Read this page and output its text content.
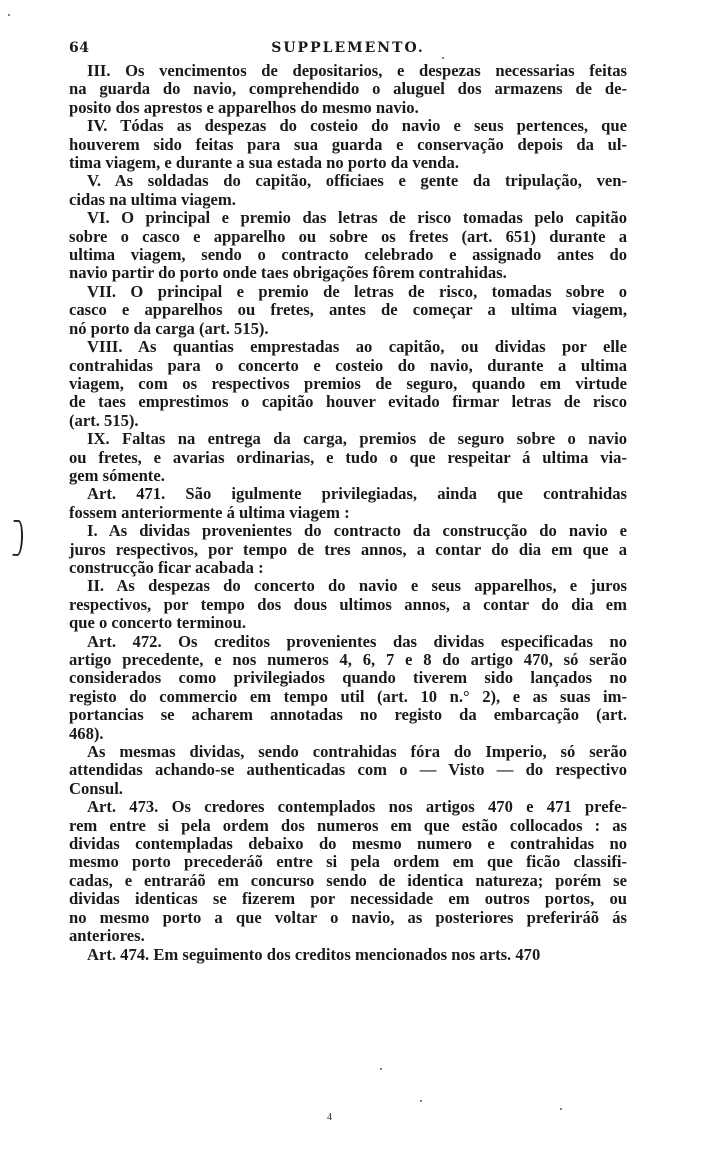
64	SUPPLEMENTO.

III. Os vencimentos de depositarios, e despezas necessarias feitas
na guarda do navio, comprehendido o aluguel dos armazens de de-
posito dos aprestos e apparelhos do mesmo navio.

IV. Tódas as despezas do costeio do navio e seus pertences, que
houverem sido feitas para sua guarda e conservação depois da ul-
tima viagem, e durante a sua estada no porto da venda.

V. As soldadas do capitão, officiaes e gente da tripulação, ven-
cidas na ultima viagem.

VI. O principal e premio das letras de risco tomadas pelo capitão
sobre o casco e apparelho ou sobre os fretes (art. 651) durante a
ultima viagem, sendo o contracto celebrado e assignado antes do
navio partir do porto onde taes obrigações fôrem contrahidas.

VII. O principal e premio de letras de risco, tomadas sobre o
casco e apparelhos ou fretes, antes de começar a ultima viagem,
nó porto da carga (art. 515).

VIII. As quantias emprestadas ao capitão, ou dividas por elle
contrahidas para o concerto e costeio do navio, durante a ultima
viagem, com os respectivos premios de seguro, quando em virtude
de taes emprestimos o capitão houver evitado firmar letras de risco
(art. 515).

IX. Faltas na entrega da carga, premios de seguro sobre o navio
ou fretes, e avarias ordinarias, e tudo o que respeitar á ultima via-
gem sómente.

Art. 471. São igulmente privilegiadas, ainda que contrahidas
fossem anteriormente á ultima viagem :

I. As dividas provenientes do contracto da construcção do navio e
juros respectivos, por tempo de tres annos, a contar do dia em que a
construcção ficar acabada :

II. As despezas do concerto do navio e seus apparelhos, e juros
respectivos, por tempo dos dous ultimos annos, a contar do dia em
que o concerto terminou.

Art. 472. Os creditos provenientes das dividas especificadas no
artigo precedente, e nos numeros 4, 6, 7 e 8 do artigo 470, só serão
considerados como privilegiados quando tiverem sido lançados no
registo do commercio em tempo util (art. 10 n.° 2), e as suas im-
portancias se acharem annotadas no registo da embarcação (art.
468).

As mesmas dividas, sendo contrahidas fóra do Imperio, só serão
attendidas achando-se authenticadas com o — Visto — do respectivo
Consul.

Art. 473. Os credores contemplados nos artigos 470 e 471 prefe-
rem entre si pela ordem dos numeros em que estão collocados : as
dividas contempladas debaixo do mesmo numero e contrahidas no
mesmo porto precederáõ entre si pela ordem em que ficão classifi-
cadas, e entraráõ em concurso sendo de identica natureza; porém se
dividas identicas se fizerem por necessidade em outros portos, ou
no mesmo porto a que voltar o navio, as posteriores preferiráõ ás
anteriores.

Art. 474. Em seguimento dos creditos mencionados nos arts. 470

4
